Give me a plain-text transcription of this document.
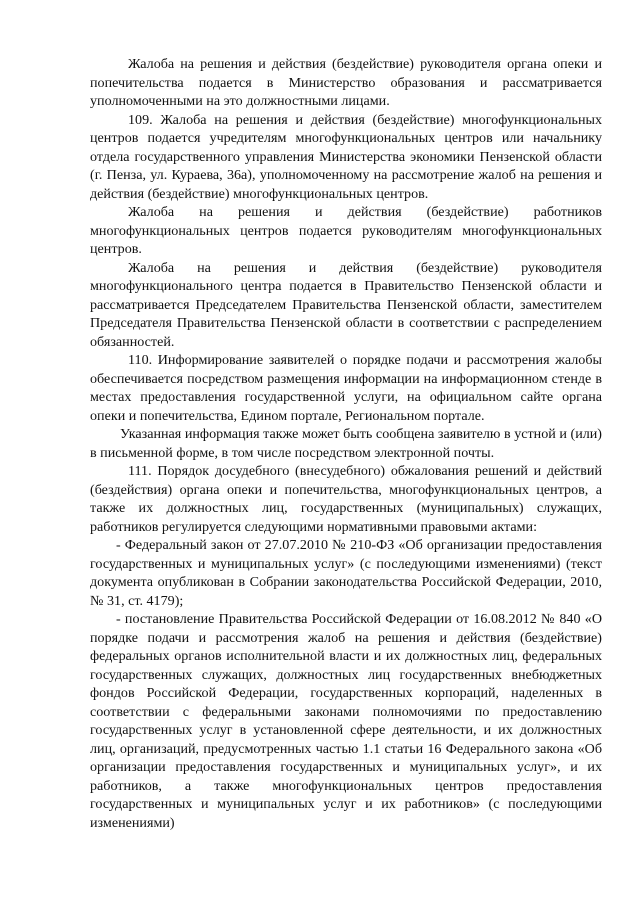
Жалоба на решения и действия (бездействие) руководителя органа опеки и попечительства подается в Министерство образования и рассматривается уполномоченными на это должностными лицами.

109. Жалоба на решения и действия (бездействие) многофункциональных центров подается учредителям многофункциональных центров или начальнику отдела государственного управления Министерства экономики Пензенской области (г. Пенза, ул. Кураева, 36а), уполномоченному на рассмотрение жалоб на решения и действия (бездействие) многофункциональных центров.

Жалоба на решения и действия (бездействие) работников многофункциональных центров подается руководителям многофункциональных центров.

Жалоба на решения и действия (бездействие) руководителя многофункционального центра подается в Правительство Пензенской области и рассматривается Председателем Правительства Пензенской области, заместителем Председателя Правительства Пензенской области в соответствии с распределением обязанностей.

110. Информирование заявителей о порядке подачи и рассмотрения жалобы обеспечивается посредством размещения информации на информационном стенде в местах предоставления государственной услуги, на официальном сайте органа опеки и попечительства, Едином портале, Региональном портале.

Указанная информация также может быть сообщена заявителю в устной и (или) в письменной форме, в том числе посредством электронной почты.

111. Порядок досудебного (внесудебного) обжалования решений и действий (бездействия) органа опеки и попечительства, многофункциональных центров, а также их должностных лиц, государственных (муниципальных) служащих, работников регулируется следующими нормативными правовыми актами:

- Федеральный закон от 27.07.2010 № 210-ФЗ «Об организации предоставления государственных и муниципальных услуг» (с последующими изменениями) (текст документа опубликован в Собрании законодательства Российской Федерации, 2010, № 31, ст. 4179);

- постановление Правительства Российской Федерации от 16.08.2012 № 840 «О порядке подачи и рассмотрения жалоб на решения и действия (бездействие) федеральных органов исполнительной власти и их должностных лиц, федеральных государственных служащих, должностных лиц государственных внебюджетных фондов Российской Федерации, государственных корпораций, наделенных в соответствии с федеральными законами полномочиями по предоставлению государственных услуг в установленной сфере деятельности, и их должностных лиц, организаций, предусмотренных частью 1.1 статьи 16 Федерального закона «Об организации предоставления государственных и муниципальных услуг», и их работников, а также многофункциональных центров предоставления государственных и муниципальных услуг и их работников» (с последующими изменениями)
